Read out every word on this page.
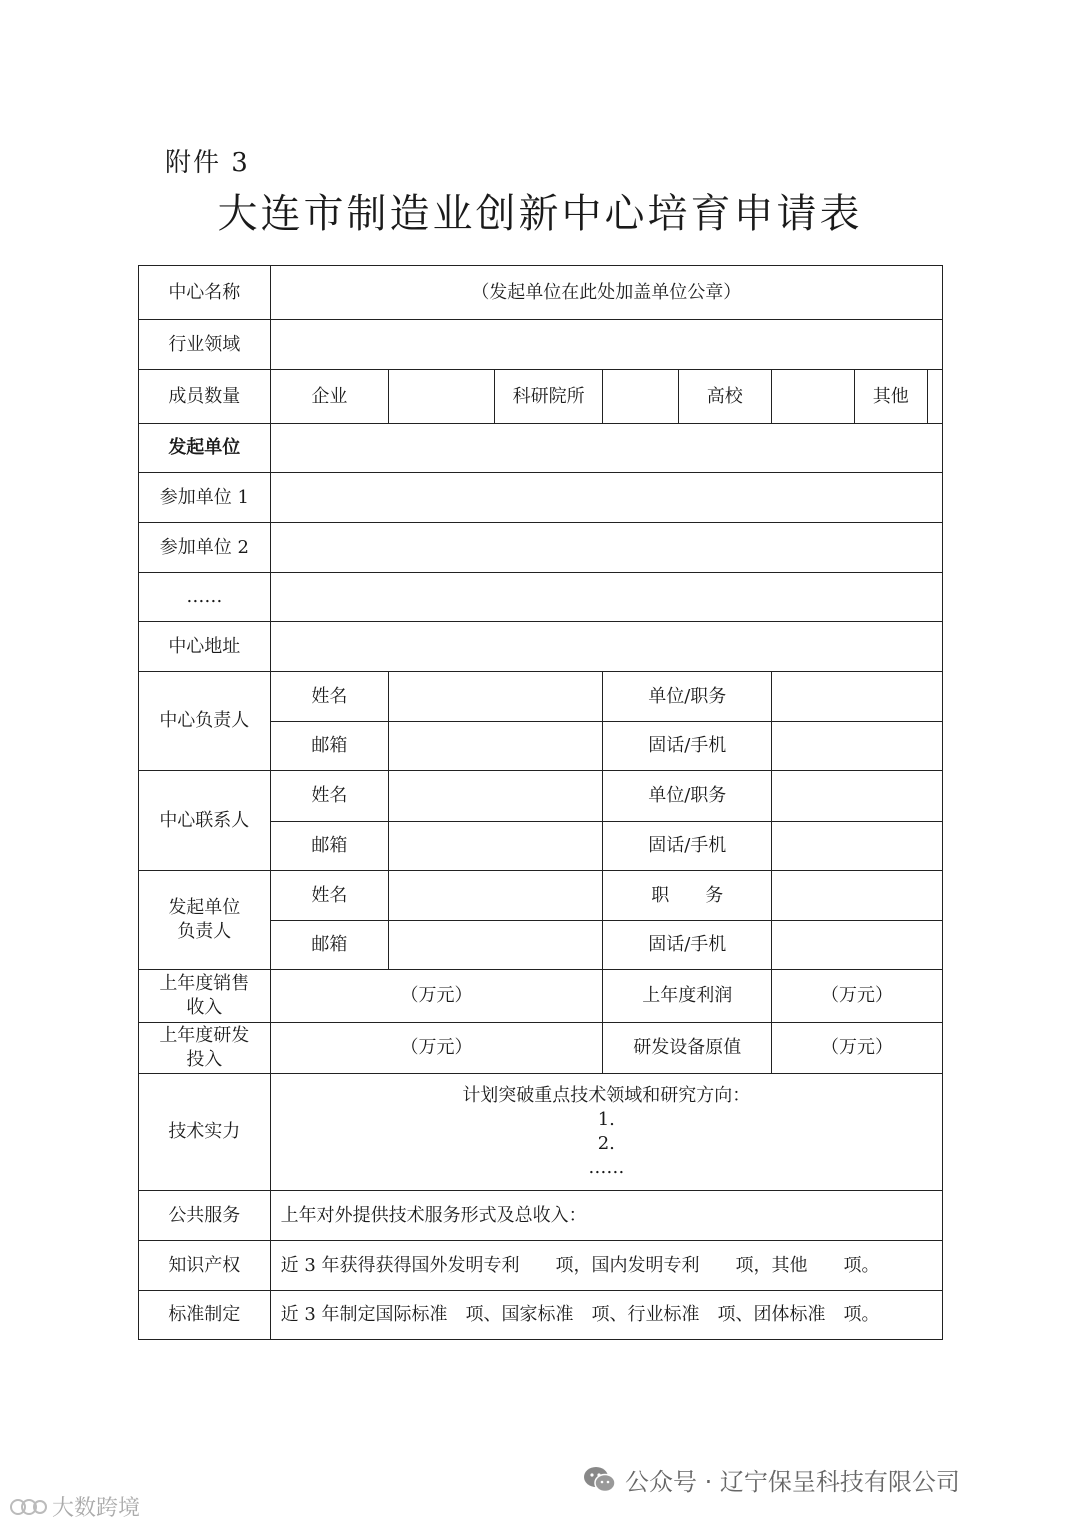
附件 3
大连市制造业创新中心培育申请表
中心名称	（发起单位在此处加盖单位公章）						
行业领域							
成员数量	企业		科研院所		高校		其他

发起单位							
参加单位 1							
参加单位 2							
……							
中心地址							
中心负责人	姓名			单位/职务			
	邮箱			固话/手机			
中心联系人	姓名			单位/职务			
	邮箱			固话/手机			

发起单位
负责人	姓名			职　　务			
	邮箱			固话/手机			

上年度销售
收入	（万元）			上年度利润		（万元）	

上年度研发
投入	（万元）			研发设备原值		（万元）	
技术实力	计划突破重点技术领域和研究方向：
1.
2.
……						

公共服务	上年对外提供技术服务形式及总收入：						
知识产权	近 3 年获得获得国外发明专利　　项，国内发明专利　　项，其他　　项。						
标准制定	近 3 年制定国际标准　项、国家标准　项、行业标准　项、团体标准　项。						
公众号 · 辽宁保呈科技有限公司
大数跨境
